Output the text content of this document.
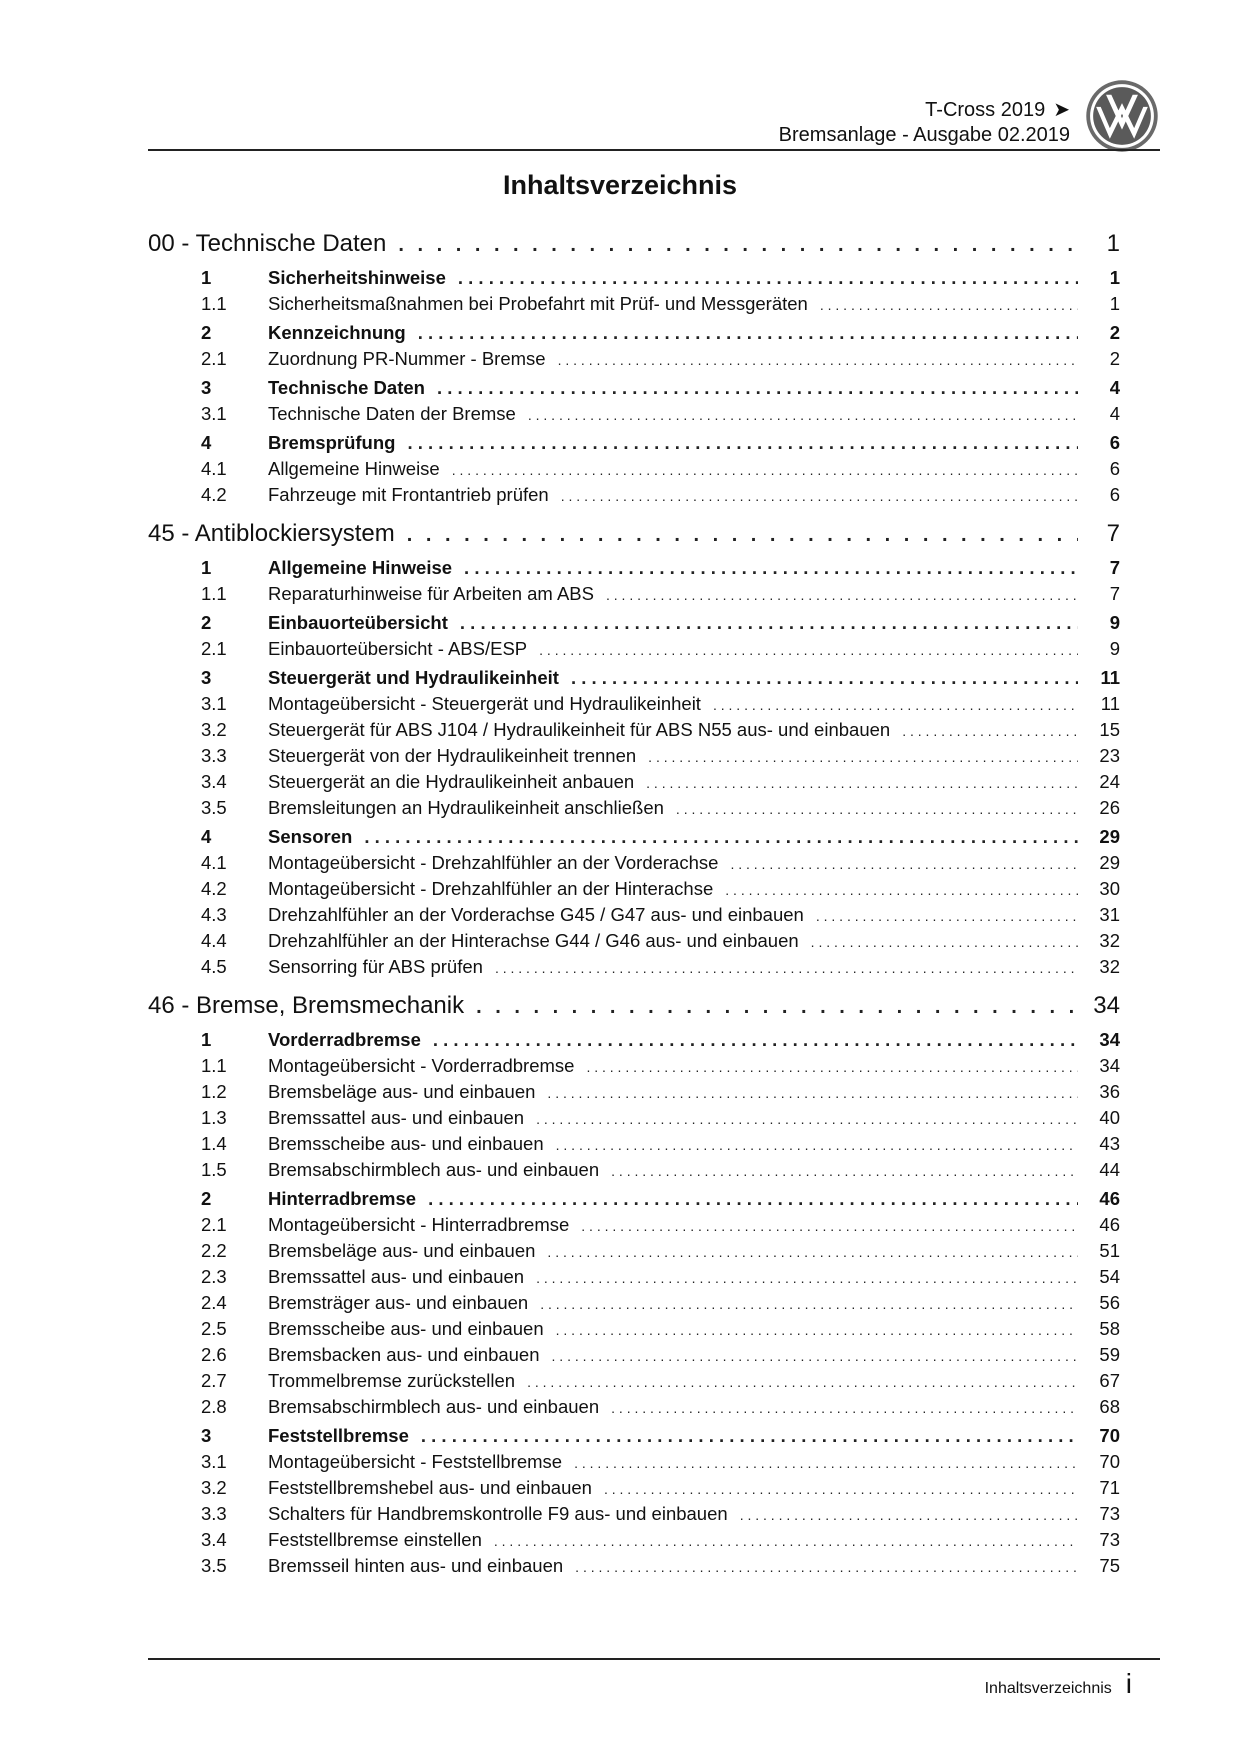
T-Cross 2019 ➤
Bremsanlage - Ausgabe 02.2019
Inhaltsverzeichnis
00 - Technische Daten . . .	1
1	Sicherheitshinweise . . .	1
1.1	Sicherheitsmaßnahmen bei Probefahrt mit Prüf- und Messgeräten . . .	1
2	Kennzeichnung . . .	2
2.1	Zuordnung PR-Nummer - Bremse . . .	2
3	Technische Daten . . .	4
3.1	Technische Daten der Bremse . . .	4
4	Bremsprüfung . . .	6
4.1	Allgemeine Hinweise . . .	6
4.2	Fahrzeuge mit Frontantrieb prüfen . . .	6
45 - Antiblockiersystem . . .	7
1	Allgemeine Hinweise . . .	7
1.1	Reparaturhinweise für Arbeiten am ABS . . .	7
2	Einbauorteübersicht . . .	9
2.1	Einbauorteübersicht - ABS/ESP . . .	9
3	Steuergerät und Hydraulikeinheit . . .	11
3.1	Montageübersicht - Steuergerät und Hydraulikeinheit . . .	11
3.2	Steuergerät für ABS J104 / Hydraulikeinheit für ABS N55 aus- und einbauen . . .	15
3.3	Steuergerät von der Hydraulikeinheit trennen . . .	23
3.4	Steuergerät an die Hydraulikeinheit anbauen . . .	24
3.5	Bremsleitungen an Hydraulikeinheit anschließen . . .	26
4	Sensoren . . .	29
4.1	Montageübersicht - Drehzahlfühler an der Vorderachse . . .	29
4.2	Montageübersicht - Drehzahlfühler an der Hinterachse . . .	30
4.3	Drehzahlfühler an der Vorderachse G45 / G47 aus- und einbauen . . .	31
4.4	Drehzahlfühler an der Hinterachse G44 / G46 aus- und einbauen . . .	32
4.5	Sensorring für ABS prüfen . . .	32
46 - Bremse, Bremsmechanik . . .	34
1	Vorderradbremse . . .	34
1.1	Montageübersicht - Vorderradbremse . . .	34
1.2	Bremsbeläge aus- und einbauen . . .	36
1.3	Bremssattel aus- und einbauen . . .	40
1.4	Bremsscheibe aus- und einbauen . . .	43
1.5	Bremsabschirmblech aus- und einbauen . . .	44
2	Hinterradbremse . . .	46
2.1	Montageübersicht - Hinterradbremse . . .	46
2.2	Bremsbeläge aus- und einbauen . . .	51
2.3	Bremssattel aus- und einbauen . . .	54
2.4	Bremsträger aus- und einbauen . . .	56
2.5	Bremsscheibe aus- und einbauen . . .	58
2.6	Bremsbacken aus- und einbauen . . .	59
2.7	Trommelbremse zurückstellen . . .	67
2.8	Bremsabschirmblech aus- und einbauen . . .	68
3	Feststellbremse . . .	70
3.1	Montageübersicht - Feststellbremse . . .	70
3.2	Feststellbremshebel aus- und einbauen . . .	71
3.3	Schalters für Handbremskontrolle F9 aus- und einbauen . . .	73
3.4	Feststellbremse einstellen . . .	73
3.5	Bremsseil hinten aus- und einbauen . . .	75
Inhaltsverzeichnis i
